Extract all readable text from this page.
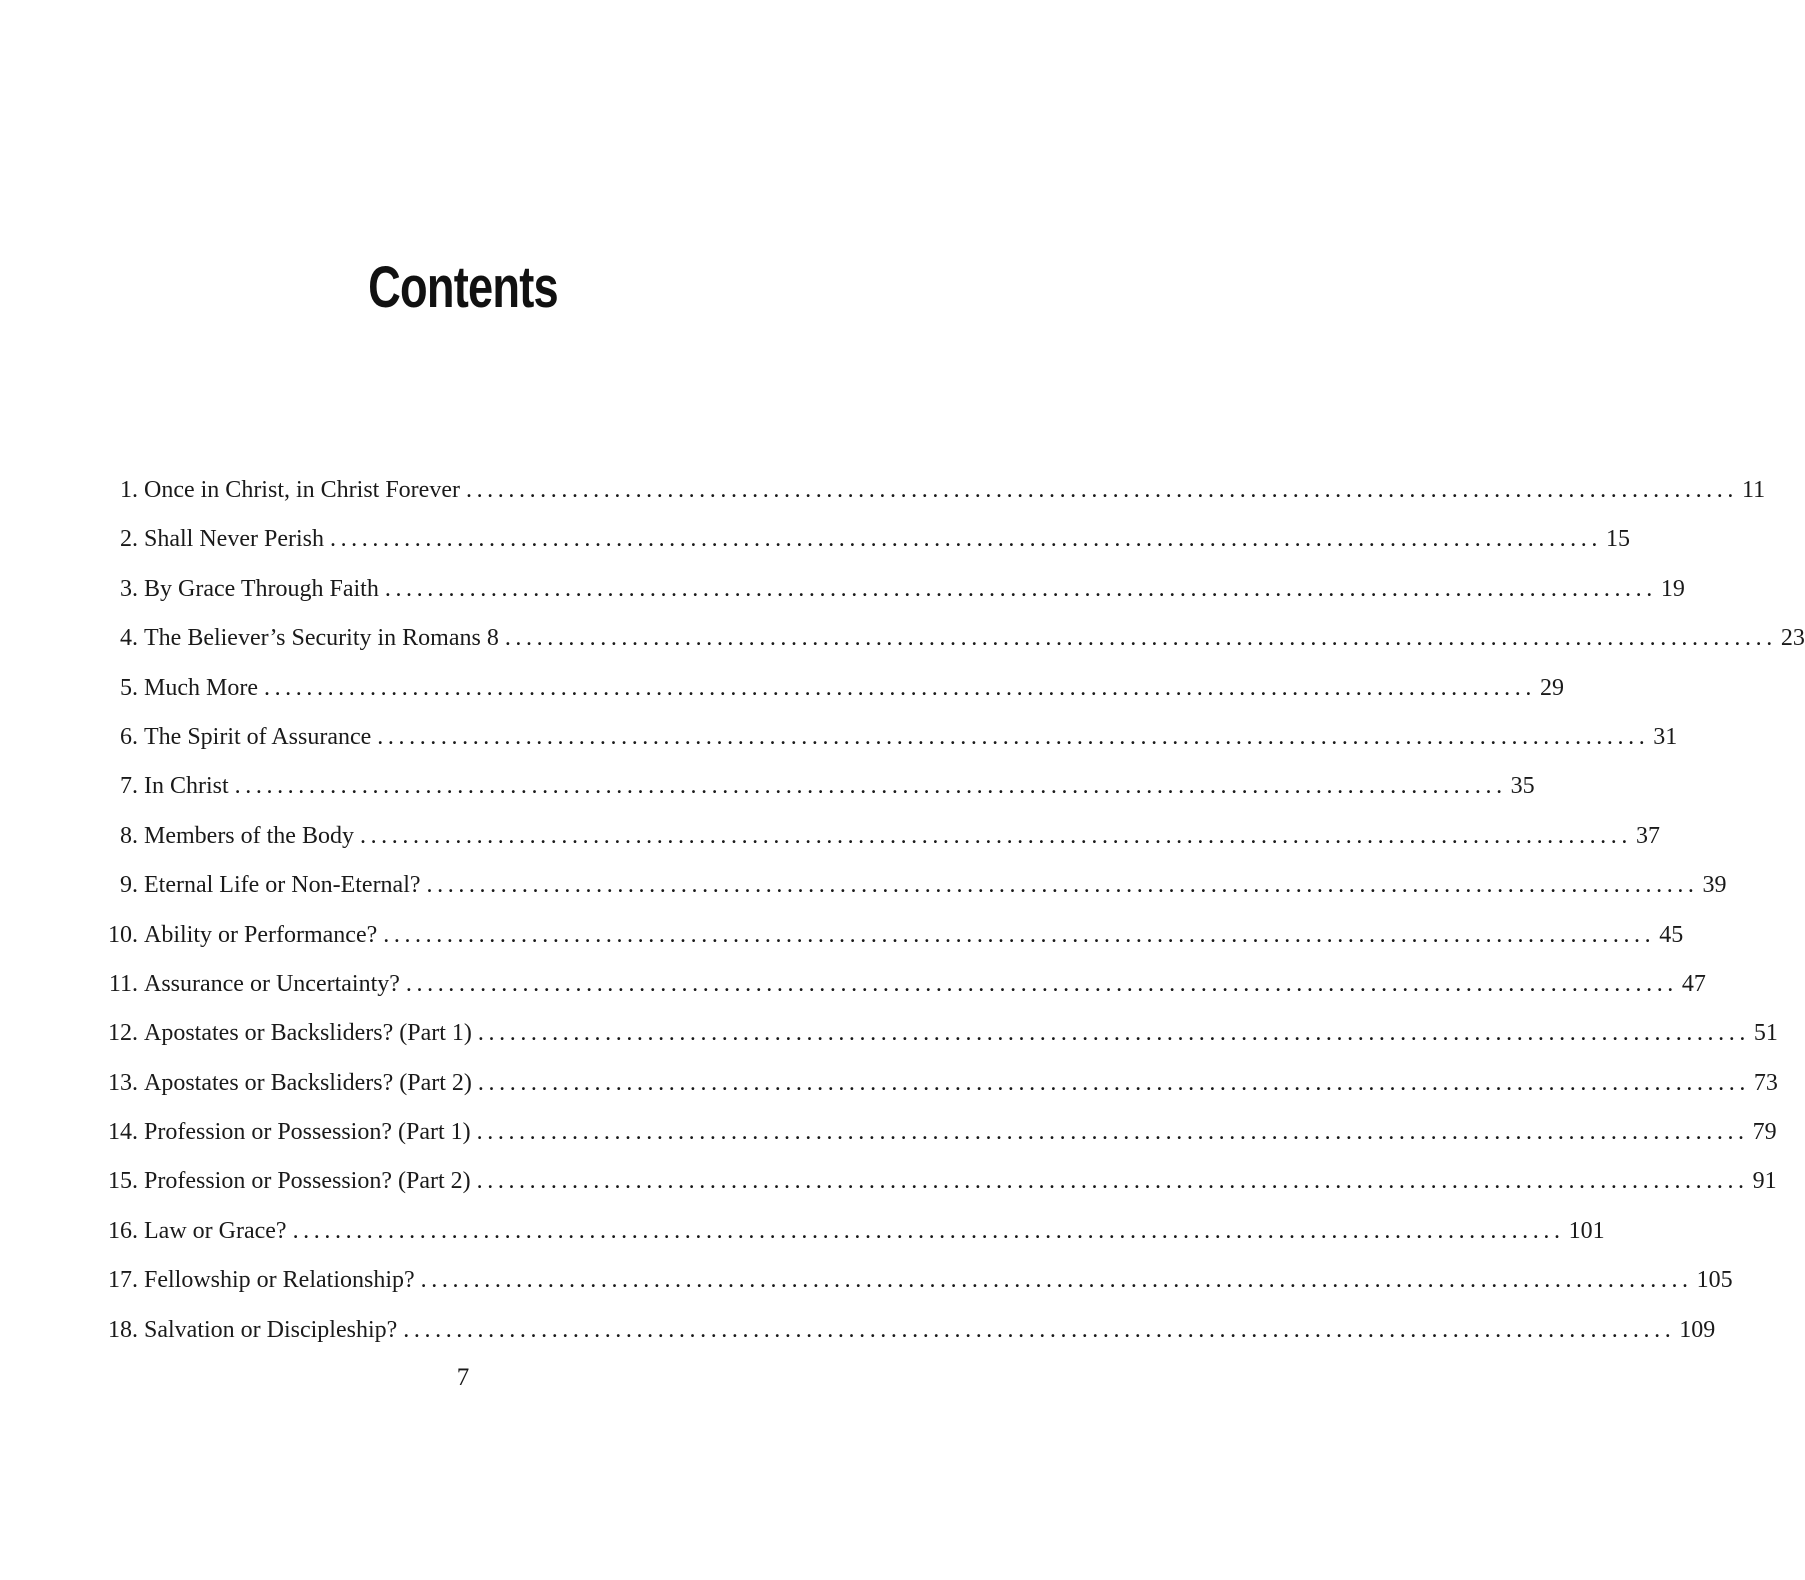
Contents
1.
Once in Christ, in Christ Forever ........................................................................................................................ 11
2.
Shall Never Perish ........................................................................................................................ 15
3.
By Grace Through Faith ........................................................................................................................ 19
4.
The Believer’s Security in Romans 8 ........................................................................................................................ 23
5.
Much More ........................................................................................................................ 29
6.
The Spirit of Assurance ........................................................................................................................ 31
7.
In Christ ........................................................................................................................ 35
8.
Members of the Body ........................................................................................................................ 37
9.
Eternal Life or Non-Eternal? ........................................................................................................................ 39
10.
Ability or Performance? ........................................................................................................................ 45
11.
Assurance or Uncertainty? ........................................................................................................................ 47
12.
Apostates or Backsliders? (Part 1) ........................................................................................................................ 51
13.
Apostates or Backsliders? (Part 2) ........................................................................................................................ 73
14.
Profession or Possession? (Part 1) ........................................................................................................................ 79
15.
Profession or Possession? (Part 2) ........................................................................................................................ 91
16.
Law or Grace? ........................................................................................................................ 101
17.
Fellowship or Relationship? ........................................................................................................................ 105
18.
Salvation or Discipleship? ........................................................................................................................ 109

7
